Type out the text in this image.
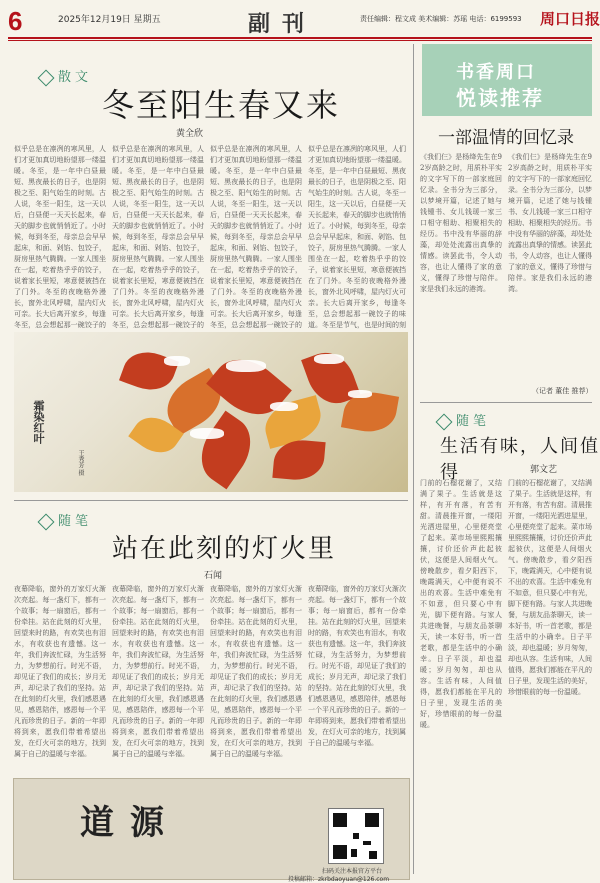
6	2025年12月19日 星期五	副刊	责任编辑：程文成 美术编辑：苏瑶 电话：6199593 周口日报
散文
冬至阳生春又来
黄全欣
似乎总是在凛冽的寒风里，人们才更加真切地盼望那一缕温暖。冬至，是一年中白昼最短、黑夜最长的日子，也是阴极之至、阳气始生的时刻。古人说，冬至一阳生，这一天以后，白昼便一天天长起来，春天的脚步也就悄悄近了。小时候，每到冬至，母亲总会早早起床，和面、剁馅、包饺子，厨房里热气腾腾。一家人围坐在一起，吃着热乎乎的饺子，说着家长里短，寒意便被挡在了门外。冬至的夜晚格外漫长，窗外北风呼啸，屋内灯火可亲。长大后离开家乡，每逢冬至，总会想起那一碗饺子的
似乎总是在凛冽的寒风里，人们才更加真切地盼望那一缕温暖。冬至，是一年中白昼最短、黑夜最长的日子，也是阴极之至、阳气始生的时刻。古人说，冬至一阳生，这一天以后，白昼便一天天长起来，春天的脚步也就悄悄近了。小时候，每到冬至，母亲总会早早起床，和面、剁馅、包饺子，厨房里热气腾腾。一家人围坐在一起，吃着热乎乎的饺子，说着家长里短，寒意便被挡在了门外。冬至的夜晚格外漫长，窗外北风呼啸，屋内灯火可亲。长大后离开家乡，每逢冬至，总会想起那一碗饺子的
似乎总是在凛冽的寒风里，人们才更加真切地盼望那一缕温暖。冬至，是一年中白昼最短、黑夜最长的日子，也是阴极之至、阳气始生的时刻。古人说，冬至一阳生，这一天以后，白昼便一天天长起来，春天的脚步也就悄悄近了。小时候，每到冬至，母亲总会早早起床，和面、剁馅、包饺子，厨房里热气腾腾。一家人围坐在一起，吃着热乎乎的饺子，说着家长里短，寒意便被挡在了门外。冬至的夜晚格外漫长，窗外北风呼啸，屋内灯火可亲。长大后离开家乡，每逢冬至，总会想起那一碗饺子的
似乎总是在凛冽的寒风里，人们才更加真切地盼望那一缕温暖。冬至，是一年中白昼最短、黑夜最长的日子，也是阴极之至、阳气始生的时刻。古人说，冬至一阳生，这一天以后，白昼便一天天长起来，春天的脚步也就悄悄近了。小时候，每到冬至，母亲总会早早起床，和面、剁馅、包饺子，厨房里热气腾腾。一家人围坐在一起，吃着热乎乎的饺子，说着家长里短，寒意便被挡在了门外。冬至的夜晚格外漫长，窗外北风呼啸，屋内灯火可亲。长大后离开家乡，每逢冬至，总会想起那一碗饺子的味道。冬至是节气，也是时间的刻
霜染红叶
王秀芳 摄
随笔
站在此刻的灯火里
石闻
夜幕降临，窗外的万家灯火渐次亮起。每一盏灯下，都有一个故事；每一扇窗后，都有一份牵挂。站在此刻的灯火里，回望来时的路，有欢笑也有泪水，有收获也有遗憾。这一年，我们奔波忙碌，为生活努力，为梦想前行。时光不语，却见证了我们的成长；岁月无声，却记录了我们的坚持。站在此刻的灯火里，我们感恩遇见，感恩陪伴，感恩每一个平凡而珍贵的日子。新的一年即将到来，愿我们带着希望出发，在灯火可亲的地方，找到属于自己的温暖与幸福。
夜幕降临，窗外的万家灯火渐次亮起。每一盏灯下，都有一个故事；每一扇窗后，都有一份牵挂。站在此刻的灯火里，回望来时的路，有欢笑也有泪水，有收获也有遗憾。这一年，我们奔波忙碌，为生活努力，为梦想前行。时光不语，却见证了我们的成长；岁月无声，却记录了我们的坚持。站在此刻的灯火里，我们感恩遇见，感恩陪伴，感恩每一个平凡而珍贵的日子。新的一年即将到来，愿我们带着希望出发，在灯火可亲的地方，找到属于自己的温暖与幸福。
夜幕降临，窗外的万家灯火渐次亮起。每一盏灯下，都有一个故事；每一扇窗后，都有一份牵挂。站在此刻的灯火里，回望来时的路，有欢笑也有泪水，有收获也有遗憾。这一年，我们奔波忙碌，为生活努力，为梦想前行。时光不语，却见证了我们的成长；岁月无声，却记录了我们的坚持。站在此刻的灯火里，我们感恩遇见，感恩陪伴，感恩每一个平凡而珍贵的日子。新的一年即将到来，愿我们带着希望出发，在灯火可亲的地方，找到属于自己的温暖与幸福。
夜幕降临，窗外的万家灯火渐次亮起。每一盏灯下，都有一个故事；每一扇窗后，都有一份牵挂。站在此刻的灯火里，回望来时的路，有欢笑也有泪水，有收获也有遗憾。这一年，我们奔波忙碌，为生活努力，为梦想前行。时光不语，却见证了我们的成长；岁月无声，却记录了我们的坚持。站在此刻的灯火里，我们感恩遇见，感恩陪伴，感恩每一个平凡而珍贵的日子。新的一年即将到来，愿我们带着希望出发，在灯火可亲的地方，找到属于自己的温暖与幸福。
道源
扫码关注本报官方平台
投稿邮箱：zkrbdaoyuan@126.com
书香周口
悦读推荐
一部温情的回忆录
《我们仨》是杨绛先生在92岁高龄之时，用质朴平实的文字写下的一部家庭回忆录。全书分为三部分，以梦境开篇，记述了她与钱锺书、女儿钱瑗一家三口相守相助、相聚相失的经历。书中没有华丽的辞藻，却处处流露出真挚的情感。读罢此书，令人动容，也让人懂得了家的意义，懂得了珍惜与陪伴。家是我们永远的港湾。
《我们仨》是杨绛先生在92岁高龄之时，用质朴平实的文字写下的一部家庭回忆录。全书分为三部分，以梦境开篇，记述了她与钱锺书、女儿钱瑗一家三口相守相助、相聚相失的经历。书中没有华丽的辞藻，却处处流露出真挚的情感。读罢此书，令人动容，也让人懂得了家的意义，懂得了珍惜与陪伴。家是我们永远的港湾。
（记者 董佳 推荐）
随笔
生活有味，人间值得	郭文艺
门前的石榴花谢了，又结满了果子。生活就是这样，有开有落，有苦有甜。清晨推开窗，一缕阳光洒进屋里，心里便亮堂了起来。菜市场里熙熙攘攘，讨价还价声此起彼伏，这便是人间烟火气。傍晚散步，看夕阳西下，晚霞满天，心中便有说不出的欢喜。生活中难免有不如意，但只要心中有光，脚下便有路。与家人共进晚餐，与朋友品茶聊天，读一本好书，听一首老歌，都是生活中的小确幸。日子平淡，却也温暖；岁月匆匆，却也从容。生活有味，人间值得，愿我们都能在平凡的日子里，发现生活的美好，珍惜眼前的每一份温暖。
门前的石榴花谢了，又结满了果子。生活就是这样，有开有落，有苦有甜。清晨推开窗，一缕阳光洒进屋里，心里便亮堂了起来。菜市场里熙熙攘攘，讨价还价声此起彼伏，这便是人间烟火气。傍晚散步，看夕阳西下，晚霞满天，心中便有说不出的欢喜。生活中难免有不如意，但只要心中有光，脚下便有路。与家人共进晚餐，与朋友品茶聊天，读一本好书，听一首老歌，都是生活中的小确幸。日子平淡，却也温暖；岁月匆匆，却也从容。生活有味，人间值得，愿我们都能在平凡的日子里，发现生活的美好，珍惜眼前的每一份温暖。
